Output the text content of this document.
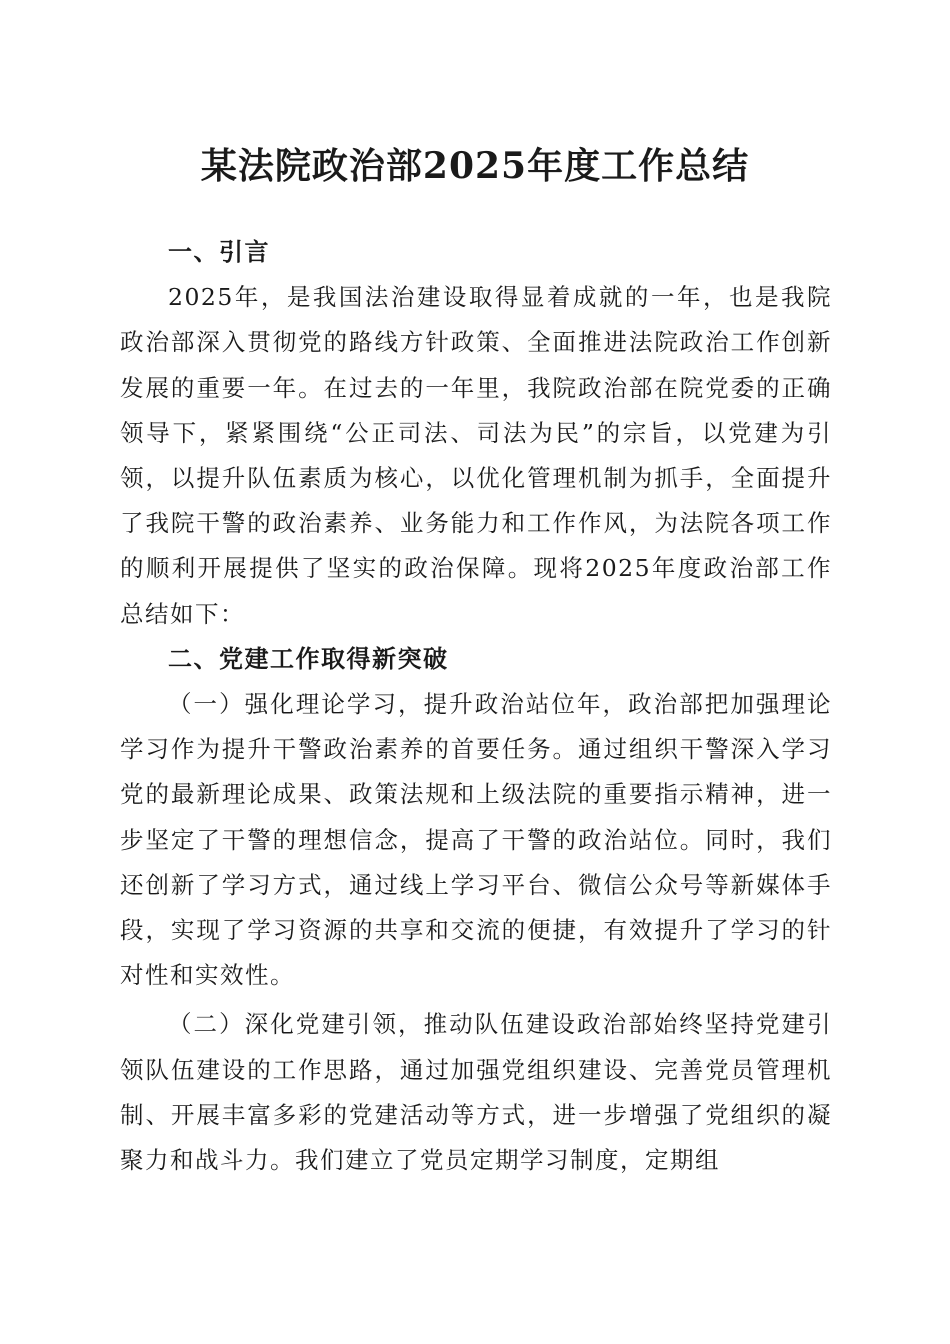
某法院政治部2025年度工作总结

一、引言

2025年，是我国法治建设取得显着成就的一年，也是我院政治部深入贯彻党的路线方针政策、全面推进法院政治工作创新发展的重要一年。在过去的一年里，我院政治部在院党委的正确领导下，紧紧围绕“公正司法、司法为民”的宗旨，以党建为引领，以提升队伍素质为核心，以优化管理机制为抓手，全面提升了我院干警的政治素养、业务能力和工作作风，为法院各项工作的顺利开展提供了坚实的政治保障。现将2025年度政治部工作总结如下：

二、党建工作取得新突破

（一）强化理论学习，提升政治站位年，政治部把加强理论学习作为提升干警政治素养的首要任务。通过组织干警深入学习党的最新理论成果、政策法规和上级法院的重要指示精神，进一步坚定了干警的理想信念，提高了干警的政治站位。同时，我们还创新了学习方式，通过线上学习平台、微信公众号等新媒体手段，实现了学习资源的共享和交流的便捷，有效提升了学习的针对性和实效性。

（二）深化党建引领，推动队伍建设政治部始终坚持党建引领队伍建设的工作思路，通过加强党组织建设、完善党员管理机制、开展丰富多彩的党建活动等方式，进一步增强了党组织的凝聚力和战斗力。我们建立了党员定期学习制度，定期组
